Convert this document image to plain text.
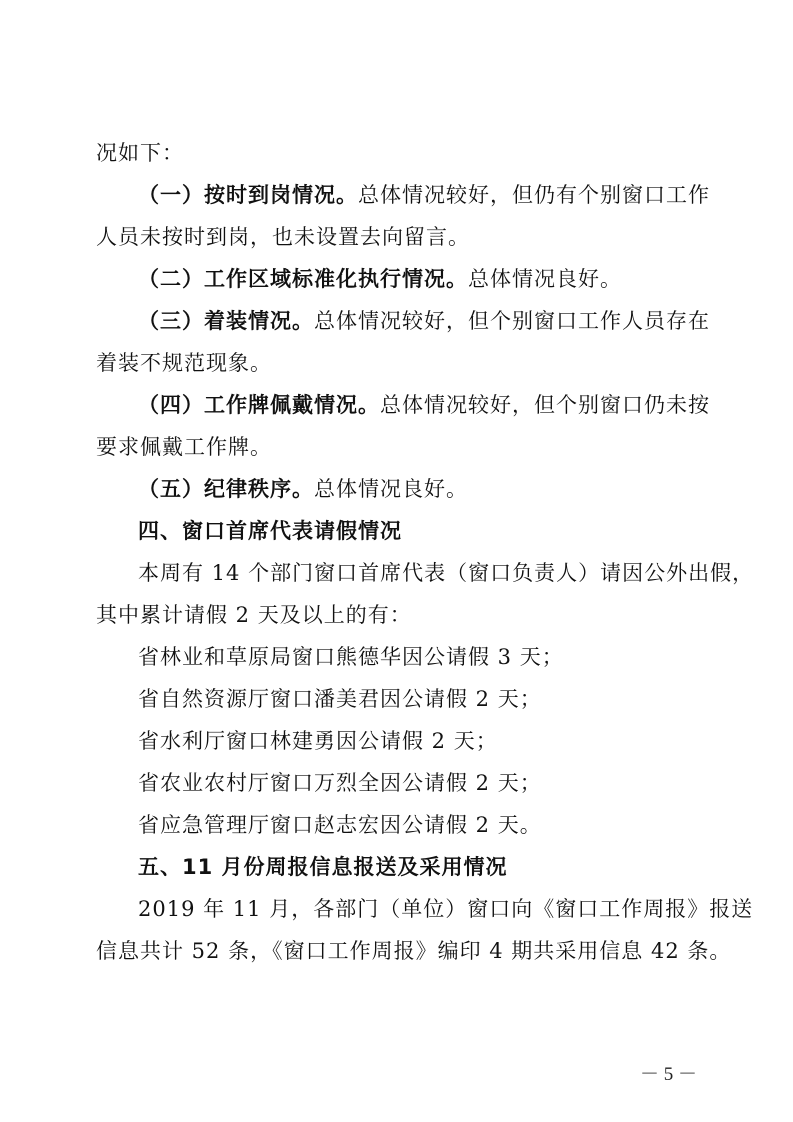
况如下：
（一）按时到岗情况。总体情况较好，但仍有个别窗口工作
人员未按时到岗，也未设置去向留言。
（二）工作区域标准化执行情况。总体情况良好。
（三）着装情况。总体情况较好，但个别窗口工作人员存在
着装不规范现象。
（四）工作牌佩戴情况。总体情况较好，但个别窗口仍未按
要求佩戴工作牌。
（五）纪律秩序。总体情况良好。
四、窗口首席代表请假情况
本周有 14 个部门窗口首席代表（窗口负责人）请因公外出假，
其中累计请假 2 天及以上的有：
省林业和草原局窗口熊德华因公请假 3 天；
省自然资源厅窗口潘美君因公请假 2 天；
省水利厅窗口林建勇因公请假 2 天；
省农业农村厅窗口万烈全因公请假 2 天；
省应急管理厅窗口赵志宏因公请假 2 天。
五、11 月份周报信息报送及采用情况
2019 年 11 月，各部门（单位）窗口向《窗口工作周报》报送
信息共计 52 条，《窗口工作周报》编印 4 期共采用信息 42 条。
－ 5 －
